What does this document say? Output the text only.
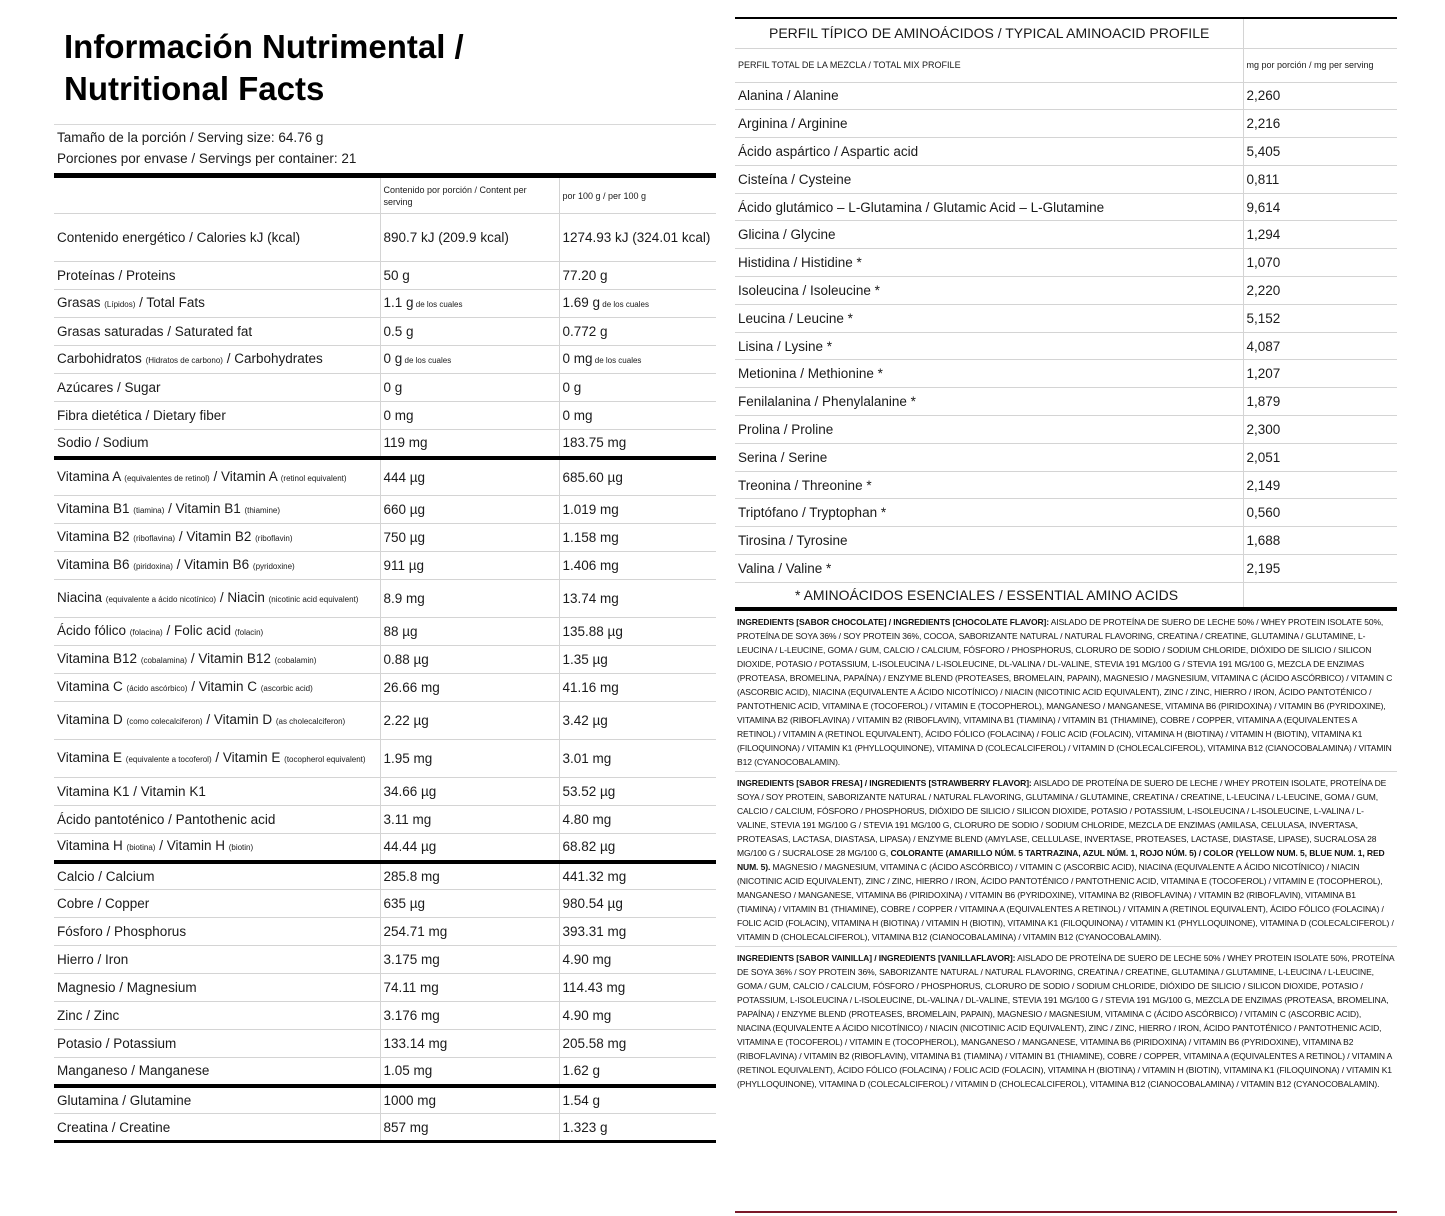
Información Nutrimental /
Nutritional Facts
Tamaño de la porción / Serving size: 64.76 g
Porciones por envase / Servings per container: 21
	Contenido por porción / Content per serving	por 100 g / per 100 g
Contenido energético / Calories kJ (kcal)	890.7 kJ (209.9 kcal)	1274.93 kJ (324.01 kcal)
Proteínas / Proteins	50 g	77.20 g
Grasas (Lípidos) / Total Fats	1.1 g de los cuales	1.69 g de los cuales
Grasas saturadas / Saturated fat	0.5 g	0.772 g
Carbohidratos (Hidratos de carbono) / Carbohydrates	0 g de los cuales	0 mg de los cuales
Azúcares / Sugar	0 g	0 g
Fibra dietética / Dietary fiber	0 mg	0 mg
Sodio / Sodium	119 mg	183.75 mg
Vitamina A (equivalentes de retinol) / Vitamin A (retinol equivalent)	444 µg	685.60 µg
Vitamina B1 (tiamina) / Vitamin B1 (thiamine)	660 µg	1.019 mg
Vitamina B2 (riboflavina) / Vitamin B2 (riboflavin)	750 µg	1.158 mg
Vitamina B6 (piridoxina) / Vitamin B6 (pyridoxine)	911 µg	1.406 mg
Niacina (equivalente a ácido nicotínico) / Niacin (nicotinic acid equivalent)	8.9 mg	13.74 mg
Ácido fólico (folacina) / Folic acid (folacin)	88 µg	135.88 µg
Vitamina B12 (cobalamina) / Vitamin B12 (cobalamin)	0.88 µg	1.35 µg
Vitamina C (ácido ascórbico) / Vitamin C (ascorbic acid)	26.66 mg	41.16 mg
Vitamina D (como colecalciferon) / Vitamin D (as cholecalciferon)	2.22 µg	3.42 µg
Vitamina E (equivalente a tocoferol) / Vitamin E (tocopherol equivalent)	1.95 mg	3.01 mg
Vitamina K1 / Vitamin K1	34.66 µg	53.52 µg
Ácido pantoténico / Pantothenic acid	3.11 mg	4.80 mg
Vitamina H (biotina) / Vitamin H (biotin)	44.44 µg	68.82 µg
Calcio / Calcium	285.8 mg	441.32 mg
Cobre / Copper	635 µg	980.54 µg
Fósforo / Phosphorus	254.71 mg	393.31 mg
Hierro / Iron	3.175 mg	4.90 mg
Magnesio / Magnesium	74.11 mg	114.43 mg
Zinc / Zinc	3.176 mg	4.90 mg
Potasio / Potassium	133.14 mg	205.58 mg
Manganeso / Manganese	1.05 mg	1.62 g
Glutamina / Glutamine	1000 mg	1.54 g
Creatina / Creatine	857 mg	1.323 g
PERFIL TÍPICO DE AMINOÁCIDOS / TYPICAL AMINOACID PROFILE	
PERFIL TOTAL DE LA MEZCLA / TOTAL MIX PROFILE	mg por porción / mg per serving
Alanina / Alanine	2,260
Arginina / Arginine	2,216
Ácido aspártico / Aspartic acid	5,405
Cisteína / Cysteine	0,811
Ácido glutámico – L-Glutamina / Glutamic Acid – L-Glutamine	9,614
Glicina / Glycine	1,294
Histidina / Histidine *	1,070
Isoleucina / Isoleucine *	2,220
Leucina / Leucine *	5,152
Lisina / Lysine *	4,087
Metionina / Methionine *	1,207
Fenilalanina / Phenylalanine *	1,879
Prolina / Proline	2,300
Serina / Serine	2,051
Treonina / Threonine *	2,149
Triptófano / Tryptophan *	0,560
Tirosina / Tyrosine	1,688
Valina / Valine *	2,195
* AMINOÁCIDOS ESENCIALES / ESSENTIAL AMINO ACIDS	
INGREDIENTS [SABOR CHOCOLATE] / INGREDIENTS [CHOCOLATE FLAVOR]: AISLADO DE PROTEÍNA DE SUERO DE LECHE 50% / WHEY PROTEIN ISOLATE 50%, PROTEÍNA DE SOYA 36% / SOY PROTEIN 36%, COCOA, SABORIZANTE NATURAL / NATURAL FLAVORING, CREATINA / CREATINE, GLUTAMINA / GLUTAMINE, L-LEUCINA / L-LEUCINE, GOMA / GUM, CALCIO / CALCIUM, FÓSFORO / PHOSPHORUS, CLORURO DE SODIO / SODIUM CHLORIDE, DIÓXIDO DE SILICIO / SILICON DIOXIDE, POTASIO / POTASSIUM, L-ISOLEUCINA / L-ISOLEUCINE, DL-VALINA / DL-VALINE, STEVIA 191 MG/100 G / STEVIA 191 MG/100 G, MEZCLA DE ENZIMAS (PROTEASA, BROMELINA, PAPAÍNA) / ENZYME BLEND (PROTEASES, BROMELAIN, PAPAIN), MAGNESIO / MAGNESIUM, VITAMINA C (ÁCIDO ASCÓRBICO) / VITAMIN C (ASCORBIC ACID), NIACINA (EQUIVALENTE A ÁCIDO NICOTÍNICO) / NIACIN (NICOTINIC ACID EQUIVALENT), ZINC / ZINC, HIERRO / IRON, ÁCIDO PANTOTÉNICO / PANTOTHENIC ACID, VITAMINA E (TOCOFEROL) / VITAMIN E (TOCOPHEROL), MANGANESO / MANGANESE, VITAMINA B6 (PIRIDOXINA) / VITAMIN B6 (PYRIDOXINE), VITAMINA B2 (RIBOFLAVINA) / VITAMIN B2 (RIBOFLAVIN), VITAMINA B1 (TIAMINA) / VITAMIN B1 (THIAMINE), COBRE / COPPER, VITAMINA A (EQUIVALENTES A RETINOL) / VITAMIN A (RETINOL EQUIVALENT), ÁCIDO FÓLICO (FOLACINA) / FOLIC ACID (FOLACIN), VITAMINA H (BIOTINA) / VITAMIN H (BIOTIN), VITAMINA K1 (FILOQUINONA) / VITAMIN K1 (PHYLLOQUINONE), VITAMINA D (COLECALCIFEROL) / VITAMIN D (CHOLECALCIFEROL), VITAMINA B12 (CIANOCOBALAMINA) / VITAMIN B12 (CYANOCOBALAMIN).
INGREDIENTS [SABOR FRESA] / INGREDIENTS [STRAWBERRY FLAVOR]: AISLADO DE PROTEÍNA DE SUERO DE LECHE / WHEY PROTEIN ISOLATE, PROTEÍNA DE SOYA / SOY PROTEIN, SABORIZANTE NATURAL / NATURAL FLAVORING, GLUTAMINA / GLUTAMINE, CREATINA / CREATINE, L-LEUCINA / L-LEUCINE, GOMA / GUM, CALCIO / CALCIUM, FÓSFORO / PHOSPHORUS, DIÓXIDO DE SILICIO / SILICON DIOXIDE, POTASIO / POTASSIUM, L-ISOLEUCINA / L-ISOLEUCINE, L-VALINA / L-VALINE, STEVIA 191 MG/100 G / STEVIA 191 MG/100 G, CLORURO DE SODIO / SODIUM CHLORIDE, MEZCLA DE ENZIMAS (AMILASA, CELULASA, INVERTASA, PROTEASAS, LACTASA, DIASTASA, LIPASA) / ENZYME BLEND (AMYLASE, CELLULASE, INVERTASE, PROTEASES, LACTASE, DIASTASE, LIPASE), SUCRALOSA 28 MG/100 G / SUCRALOSE 28 MG/100 G, COLORANTE (AMARILLO NÚM. 5 TARTRAZINA, AZUL NÚM. 1, ROJO NÚM. 5) / COLOR (YELLOW NUM. 5, BLUE NUM. 1, RED NUM. 5). MAGNESIO / MAGNESIUM, VITAMINA C (ÁCIDO ASCÓRBICO) / VITAMIN C (ASCORBIC ACID), NIACINA (EQUIVALENTE A ÁCIDO NICOTÍNICO) / NIACIN (NICOTINIC ACID EQUIVALENT), ZINC / ZINC, HIERRO / IRON, ÁCIDO PANTOTÉNICO / PANTOTHENIC ACID, VITAMINA E (TOCOFEROL) / VITAMIN E (TOCOPHEROL), MANGANESO / MANGANESE, VITAMINA B6 (PIRIDOXINA) / VITAMIN B6 (PYRIDOXINE), VITAMINA B2 (RIBOFLAVINA) / VITAMIN B2 (RIBOFLAVIN), VITAMINA B1 (TIAMINA) / VITAMIN B1 (THIAMINE), COBRE / COPPER / VITAMINA A (EQUIVALENTES A RETINOL) / VITAMIN A (RETINOL EQUIVALENT), ÁCIDO FÓLICO (FOLACINA) / FOLIC ACID (FOLACIN), VITAMINA H (BIOTINA) / VITAMIN H (BIOTIN), VITAMINA K1 (FILOQUINONA) / VITAMIN K1 (PHYLLOQUINONE), VITAMINA D (COLECALCIFEROL) / VITAMIN D (CHOLECALCIFEROL), VITAMINA B12 (CIANOCOBALAMINA) / VITAMIN B12 (CYANOCOBALAMIN).
INGREDIENTS [SABOR VAINILLA] / INGREDIENTS [VANILLAFLAVOR]: AISLADO DE PROTEÍNA DE SUERO DE LECHE 50% / WHEY PROTEIN ISOLATE 50%, PROTEÍNA DE SOYA 36% / SOY PROTEIN 36%, SABORIZANTE NATURAL / NATURAL FLAVORING, CREATINA / CREATINE, GLUTAMINA / GLUTAMINE, L-LEUCINA / L-LEUCINE, GOMA / GUM, CALCIO / CALCIUM, FÓSFORO / PHOSPHORUS, CLORURO DE SODIO / SODIUM CHLORIDE, DIÓXIDO DE SILICIO / SILICON DIOXIDE, POTASIO / POTASSIUM, L-ISOLEUCINA / L-ISOLEUCINE, DL-VALINA / DL-VALINE, STEVIA 191 MG/100 G / STEVIA 191 MG/100 G, MEZCLA DE ENZIMAS (PROTEASA, BROMELINA, PAPAÍNA) / ENZYME BLEND (PROTEASES, BROMELAIN, PAPAIN), MAGNESIO / MAGNESIUM, VITAMINA C (ÁCIDO ASCÓRBICO) / VITAMIN C (ASCORBIC ACID), NIACINA (EQUIVALENTE A ÁCIDO NICOTÍNICO) / NIACIN (NICOTINIC ACID EQUIVALENT), ZINC / ZINC, HIERRO / IRON, ÁCIDO PANTOTÉNICO / PANTOTHENIC ACID, VITAMINA E (TOCOFEROL) / VITAMIN E (TOCOPHEROL), MANGANESO / MANGANESE, VITAMINA B6 (PIRIDOXINA) / VITAMIN B6 (PYRIDOXINE), VITAMINA B2 (RIBOFLAVINA) / VITAMIN B2 (RIBOFLAVIN), VITAMINA B1 (TIAMINA) / VITAMIN B1 (THIAMINE), COBRE / COPPER, VITAMINA A (EQUIVALENTES A RETINOL) / VITAMIN A (RETINOL EQUIVALENT), ÁCIDO FÓLICO (FOLACINA) / FOLIC ACID (FOLACIN), VITAMINA H (BIOTINA) / VITAMIN H (BIOTIN), VITAMINA K1 (FILOQUINONA) / VITAMIN K1 (PHYLLOQUINONE), VITAMINA D (COLECALCIFEROL) / VITAMIN D (CHOLECALCIFEROL), VITAMINA B12 (CIANOCOBALAMINA) / VITAMIN B12 (CYANOCOBALAMIN).
